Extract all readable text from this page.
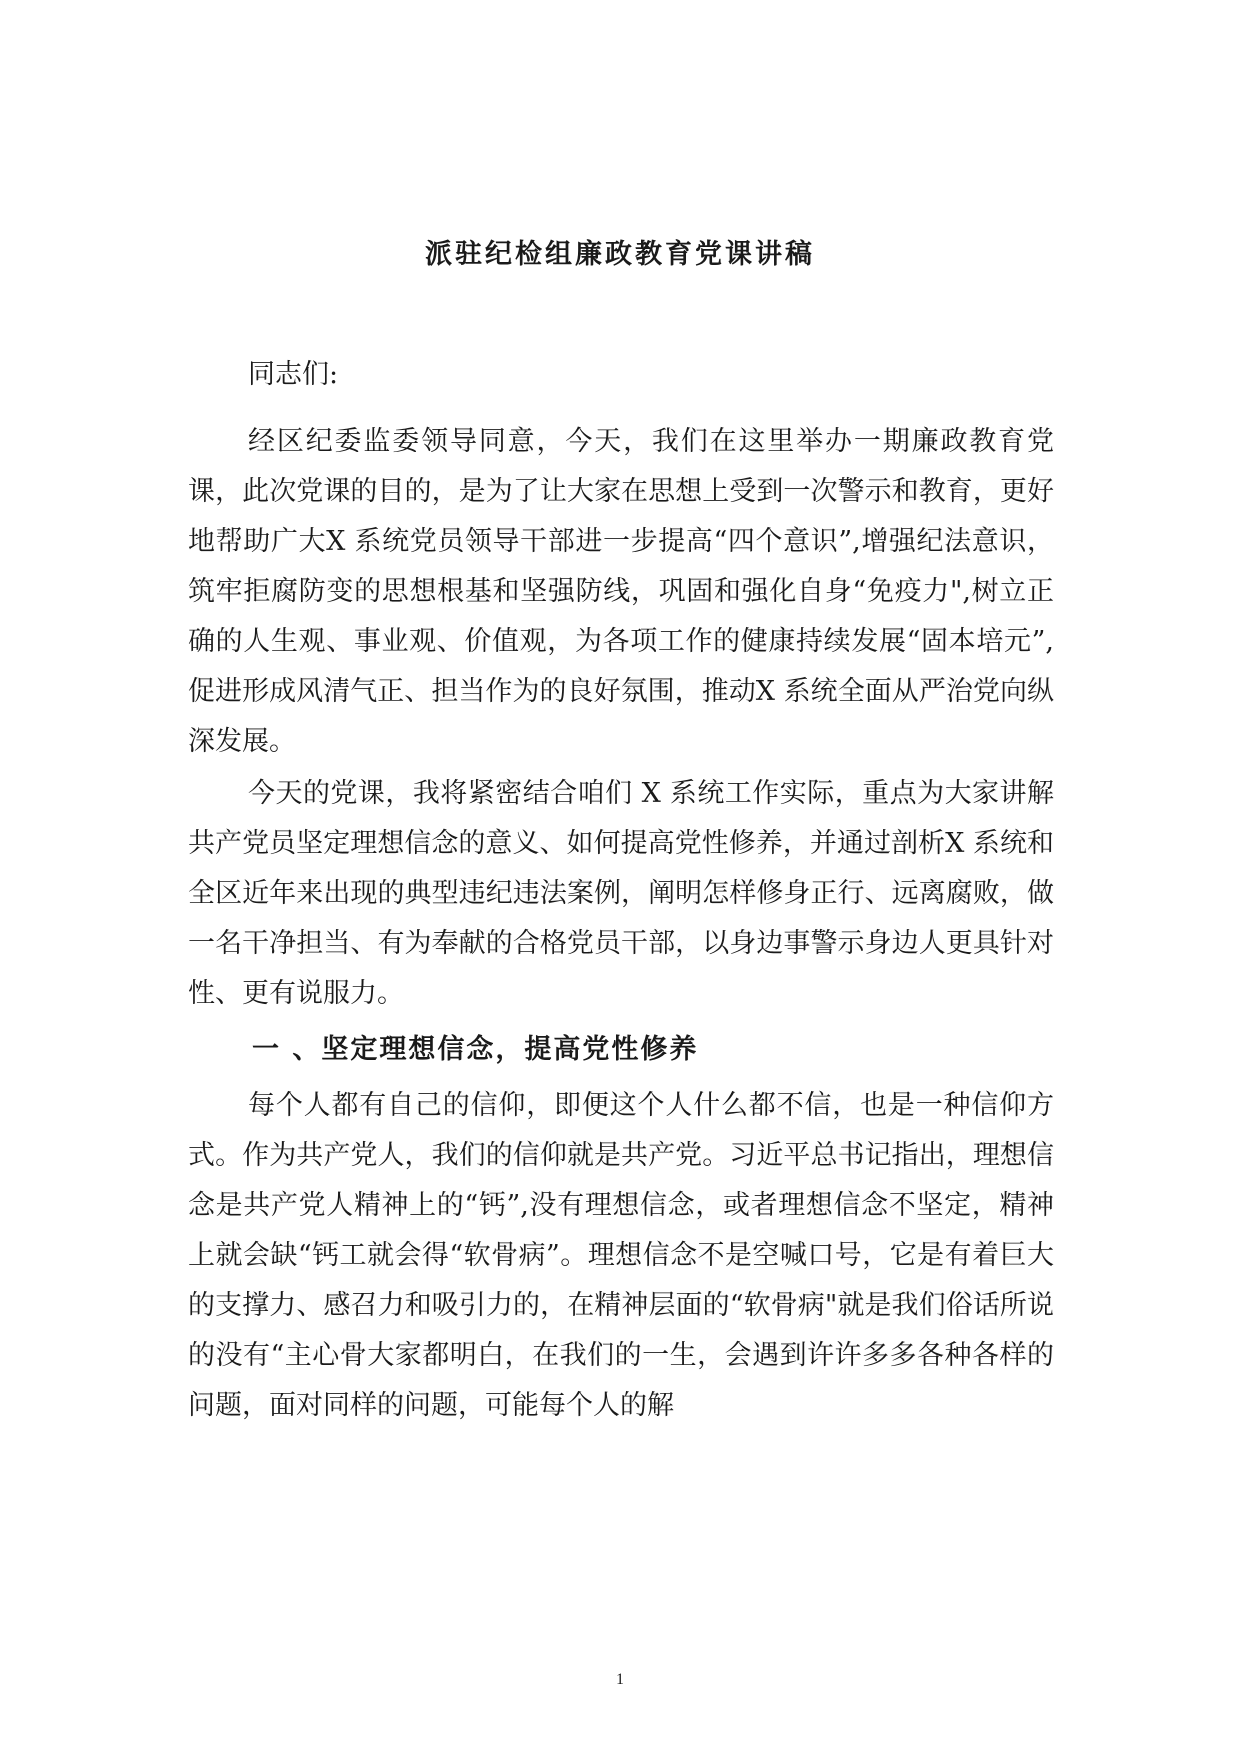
派驻纪检组廉政教育党课讲稿

同志们:

经区纪委监委领导同意，今天，我们在这里举办一期廉政教育党课，此次党课的目的，是为了让大家在思想上受到一次警示和教育，更好地帮助广大X 系统党员领导干部进一步提高“四个意识”,增强纪法意识，筑牢拒腐防变的思想根基和坚强防线，巩固和强化自身“免疫力",树立正确的人生观、事业观、价值观，为各项工作的健康持续发展“固本培元”,促进形成风清气正、担当作为的良好氛围，推动X 系统全面从严治党向纵深发展。

今天的党课，我将紧密结合咱们 X 系统工作实际，重点为大家讲解共产党员坚定理想信念的意义、如何提高党性修养，并通过剖析X 系统和全区近年来出现的典型违纪违法案例，阐明怎样修身正行、远离腐败，做一名干净担当、有为奉献的合格党员干部，以身边事警示身边人更具针对性、更有说服力。

一 、坚定理想信念，提高党性修养

每个人都有自己的信仰，即便这个人什么都不信，也是一种信仰方式。作为共产党人，我们的信仰就是共产党。习近平总书记指出，理想信念是共产党人精神上的“钙”,没有理想信念，或者理想信念不坚定，精神上就会缺“钙工就会得“软骨病”。理想信念不是空喊口号，它是有着巨大的支撑力、感召力和吸引力的，在精神层面的“软骨病"就是我们俗话所说的没有“主心骨大家都明白，在我们的一生，会遇到许许多多各种各样的问题，面对同样的问题，可能每个人的解

1
